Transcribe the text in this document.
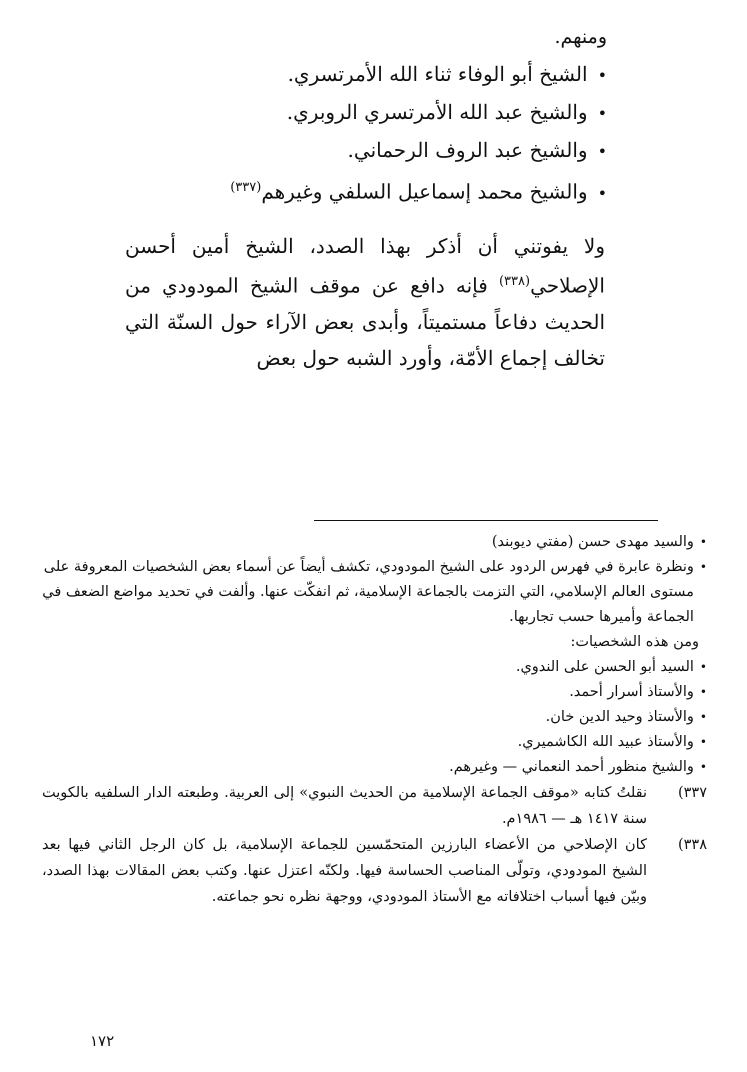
ومنهم.

•
الشيخ أبو الوفاء ثناء الله الأمرتسري.
•
والشيخ عبد الله الأمرتسري الروبري.
•
والشيخ عبد الروف الرحماني.
•
والشيخ محمد إسماعيل السلفي وغيرهم$^{(٣٣٧)}$

ولا يفوتني أن أذكر بهذا الصدد، الشيخ أمين أحسن الإصلاحي$^{(٣٣٨)}$ فإنه دافع عن موقف الشيخ المودودي من الحديث دفاعاً مستميتاً، وأبدى بعض الآراء حول السنّة التي تخالف إجماع الأمّة، وأورد الشبه حول بعض

•
والسيد مهدى حسن (مفتي ديوبند)

•
ونظرة عابرة في فهرس الردود على الشيخ المودودي، تكشف أيضاً عن أسماء بعض الشخصيات المعروفة على مستوى العالم الإسلامي، التي التزمت بالجماعة الإسلامية، ثم انفكّت عنها. وألفت في تحديد مواضع الضعف في الجماعة وأميرها حسب تجاربها.

ومن هذه الشخصيات:

•
السيد أبو الحسن على الندوي.

•
والأستاذ أسرار أحمد.

•
والأستاذ وحيد الدين خان.

•
والأستاذ عبيد الله الكاشميري.

•
والشيخ منظور أحمد النعماني — وغيرهم.

٣٣٧)
نقلتُ كتابه «موقف الجماعة الإسلامية من الحديث النبوي» إلى العربية. وطبعته الدار السلفيه بالكويت سنة ١٤١٧ هـ — ١٩٨٦م.
٣٣٨)
كان الإصلاحي من الأعضاء البارزين المتحمّسين للجماعة الإسلامية، بل كان الرجل الثاني فيها بعد الشيخ المودودي، وتولّى المناصب الحساسة فيها. ولكنّه اعتزل عنها. وكتب بعض المقالات بهذا الصدد، وبيّن فيها أسباب اختلافاته مع الأستاذ المودودي، ووجهة نظره نحو جماعته.
١٧٢
